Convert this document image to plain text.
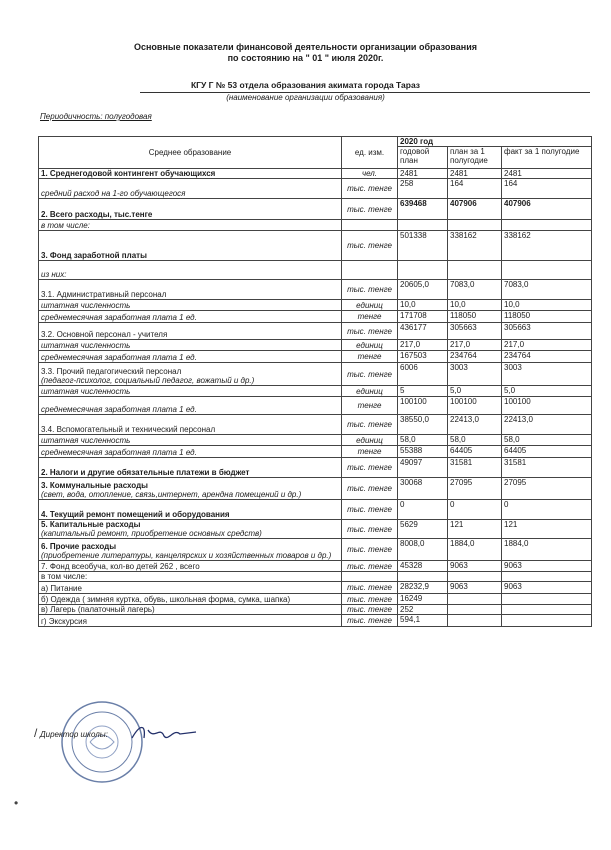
Основные показатели финансовой деятельности организации образования
по состоянию на " 01 " июля 2020г.
КГУ Г № 53 отдела образования акимата города Тараз
(наименование организации образования)
Периодичность: полугодовая
Среднее образование	ед. изм.	2020 год		
		годовой план	план за 1 полугодие	факт за 1 полугодие

1. Среднегодовой контингент обучающихся	чел.	2481	2481	2481

средний расход на 1-го обучающегося	тыс. тенге	258	164	164

2. Всего расходы, тыс.тенге	тыс. тенге	639468	407906	407906

в том числе:				

3. Фонд заработной платы	тыс. тенге	501338	338162	338162

из них:				

3.1. Административный персонал	тыс. тенге	20605,0	7083,0	7083,0

штатная численность	единиц	10,0	10,0	10,0

среднемесячная заработная плата 1 ед.	тенге	171708	118050	118050

3.2. Основной персонал - учителя	тыс. тенге	436177	305663	305663

штатная численность	единиц	217,0	217,0	217,0

среднемесячная заработная плата 1 ед.	тенге	167503	234764	234764

3.3. Прочий педагогический персонал
(педагог-психолог, социальный педагог, вожатый и др.)	тыс. тенге	6006	3003	3003

штатная численность	единиц	5	5,0	5,0

среднемесячная заработная плата 1 ед.	тенге	100100	100100	100100

3.4. Вспомогательный и технический персонал	тыс. тенге	38550,0	22413,0	22413,0

штатная численность	единиц	58,0	58,0	58,0

среднемесячная заработная плата 1 ед.	тенге	55388	64405	64405

2. Налоги и другие обязательные платежи в бюджет	тыс. тенге	49097	31581	31581

3. Коммунальные расходы
(свет, вода, отопление, связь,интернет, арендна помещений и др.)	тыс. тенге	30068	27095	27095

4. Текущий ремонт помещений и оборудования	тыс. тенге	0	0	0

5. Капитальные расходы
(капитальный ремонт, приобретение основных средств)	тыс. тенге	5629	121	121

6. Прочие расходы
(приобретение литературы, канцелярских и хозяйственных товаров и др.)	тыс. тенге	8008,0	1884,0	1884,0

7. Фонд всеобуча, кол-во детей 262 , всего	тыс. тенге	45328	9063	9063

в том числе:				

а) Питание	тыс. тенге	28232,9	9063	9063

б) Одежда ( зимняя куртка, обувь, школьная форма, сумка, шапка)	тыс. тенге	16249		

в) Лагерь (палаточный лагерь)	тыс. тенге	252		

г) Экскурсия	тыс. тенге	594,1		
/ Директор школы:
•
